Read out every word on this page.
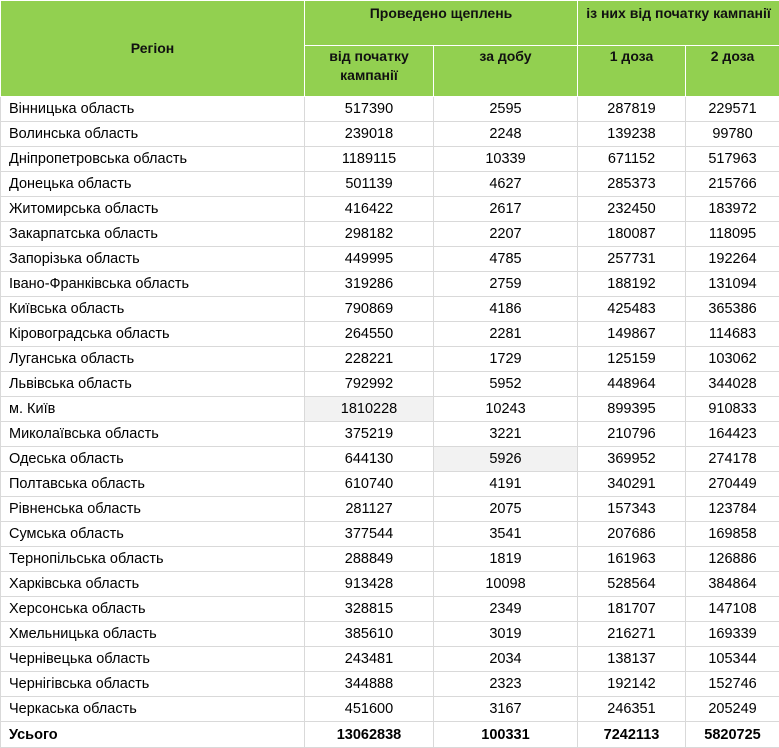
Регіон	Проведено щеплень		із них від початку кампанії	
	від початку кампанії	за добу	1 доза	2 доза
Вінницька область	517390	2595	287819	229571
Волинська область	239018	2248	139238	99780
Дніпропетровська область	1189115	10339	671152	517963
Донецька область	501139	4627	285373	215766
Житомирська область	416422	2617	232450	183972
Закарпатська область	298182	2207	180087	118095
Запорізька область	449995	4785	257731	192264
Івано-Франківська область	319286	2759	188192	131094
Київська область	790869	4186	425483	365386
Кіровоградська область	264550	2281	149867	114683
Луганська область	228221	1729	125159	103062
Львівська область	792992	5952	448964	344028
м. Київ	1810228	10243	899395	910833
Миколаївська область	375219	3221	210796	164423
Одеська область	644130	5926	369952	274178
Полтавська область	610740	4191	340291	270449
Рівненська область	281127	2075	157343	123784
Сумська область	377544	3541	207686	169858
Тернопільська область	288849	1819	161963	126886
Харківська область	913428	10098	528564	384864
Херсонська область	328815	2349	181707	147108
Хмельницька область	385610	3019	216271	169339
Чернівецька область	243481	2034	138137	105344
Чернігівська область	344888	2323	192142	152746
Черкаська область	451600	3167	246351	205249
Усього	13062838	100331	7242113	5820725
